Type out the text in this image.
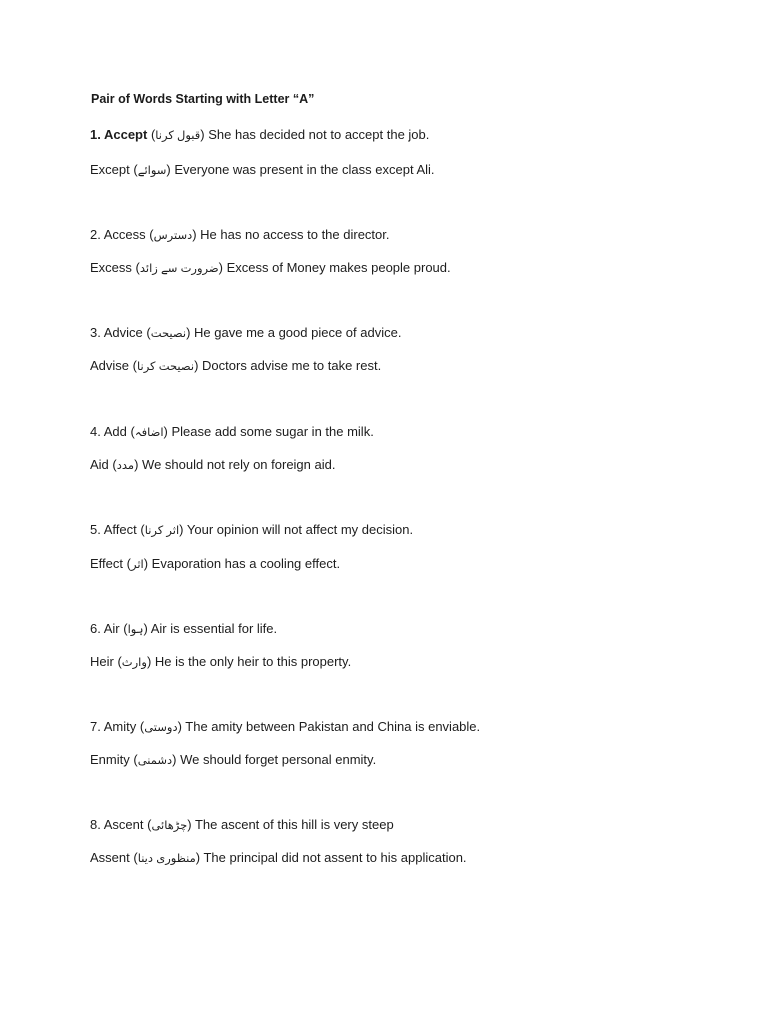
Pair of Words Starting with Letter “A”
1. Accept (قبول کرنا) She has decided not to accept the job.
Except (سوائے) Everyone was present in the class except Ali.
2. Access (دسترس) He has no access to the director.
Excess (ضرورت سے زائد) Excess of Money makes people proud.
3. Advice (نصیحت) He gave me a good piece of advice.
Advise (نصیحت کرنا) Doctors advise me to take rest.
4. Add (اضافہ) Please add some sugar in the milk.
Aid (مدد) We should not rely on foreign aid.
5. Affect (اثر کرنا) Your opinion will not affect my decision.
Effect (اثر) Evaporation has a cooling effect.
6. Air (ہوا) Air is essential for life.
Heir (وارث) He is the only heir to this property.
7. Amity (دوستی) The amity between Pakistan and China is enviable.
Enmity (دشمنی) We should forget personal enmity.
8. Ascent (چڑھائی) The ascent of this hill is very steep
Assent (منظوری دینا) The principal did not assent to his application.
